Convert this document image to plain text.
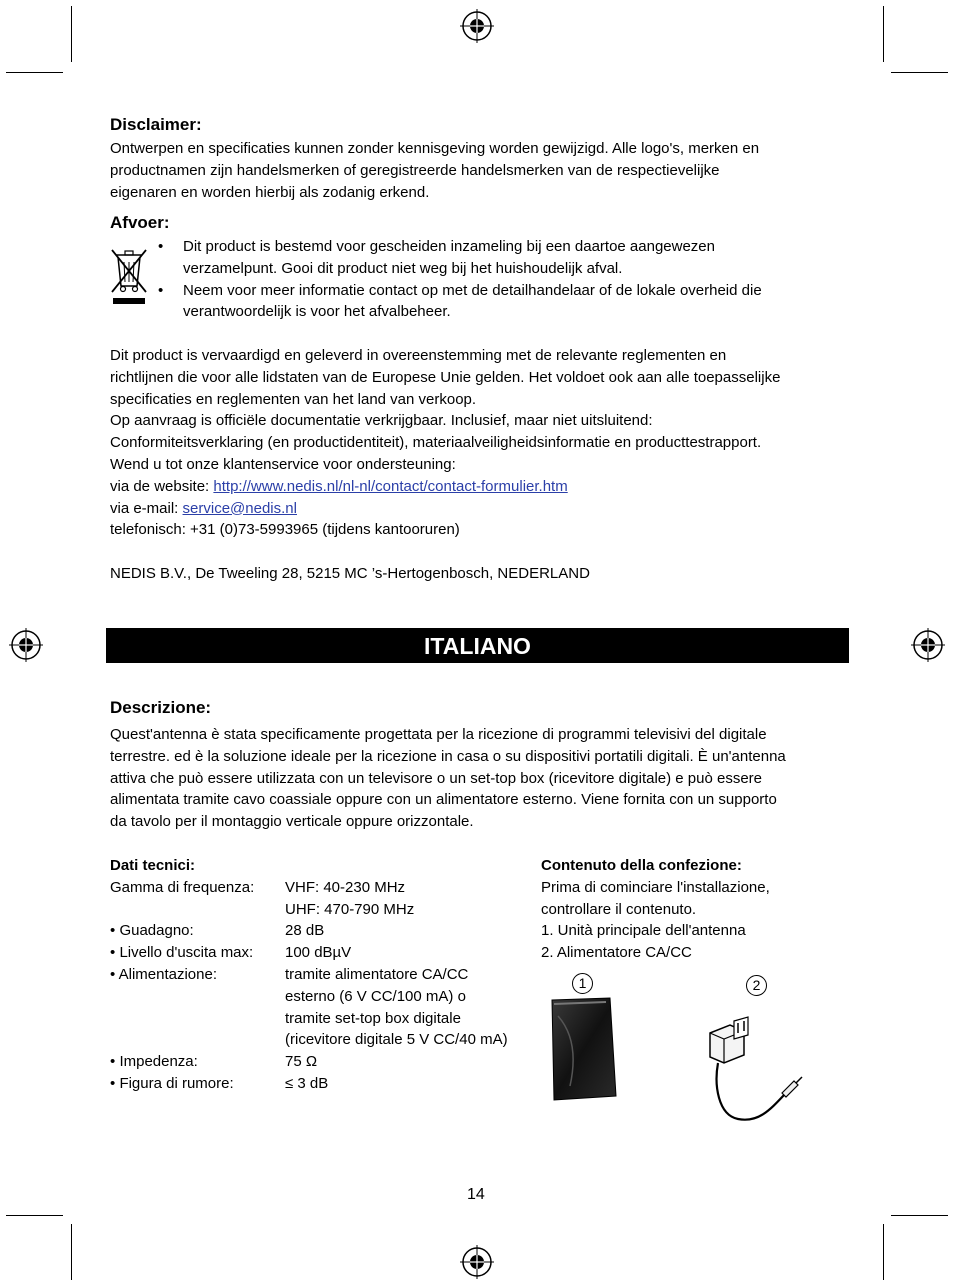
Disclaimer:
Ontwerpen en specificaties kunnen zonder kennisgeving worden gewijzigd. Alle logo's, merken en
productnamen zijn handelsmerken of geregistreerde handelsmerken van de respectievelijke
eigenaren en worden hierbij als zodanig erkend.
Afvoer:
• Dit product is bestemd voor gescheiden inzameling bij een daartoe aangewezen
verzamelpunt. Gooi dit product niet weg bij het huishoudelijk afval.
• Neem voor meer informatie contact op met de detailhandelaar of de lokale overheid die
verantwoordelijk is voor het afvalbeheer.
Dit product is vervaardigd en geleverd in overeenstemming met de relevante reglementen en
richtlijnen die voor alle lidstaten van de Europese Unie gelden. Het voldoet ook aan alle toepasselijke
specificaties en reglementen van het land van verkoop.
Op aanvraag is officiële documentatie verkrijgbaar. Inclusief, maar niet uitsluitend:
Conformiteitsverklaring (en productidentiteit), materiaalveiligheidsinformatie en producttestrapport.
Wend u tot onze klantenservice voor ondersteuning:
via de website: http://www.nedis.nl/nl-nl/contact/contact-formulier.htm
via e-mail: service@nedis.nl
telefonisch: +31 (0)73-5993965 (tijdens kantooruren)
NEDIS B.V., De Tweeling 28, 5215 MC ’s-Hertogenbosch, NEDERLAND
ITALIANO
Descrizione:
Quest'antenna è stata specificamente progettata per la ricezione di programmi televisivi del digitale
terrestre. ed è la soluzione ideale per la ricezione in casa o su dispositivi portatili digitali. È un'antenna
attiva che può essere utilizzata con un televisore o un set-top box (ricevitore digitale) e può essere
alimentata tramite cavo coassiale oppure con un alimentatore esterno. Viene fornita con un supporto
da tavolo per il montaggio verticale oppure orizzontale.
Dati tecnici:
Gamma di frequenza: VHF: 40-230 MHz
UHF: 470-790 MHz
• Guadagno:	28 dB
• Livello d'uscita max: 100 dBµV
• Alimentazione:	tramite alimentatore CA/CC
esterno (6 V CC/100 mA) o
tramite set-top box digitale
(ricevitore digitale 5 V CC/40 mA)
• Impedenza:	75 Ω
• Figura di rumore:	≤ 3 dB
Contenuto della confezione:
Prima di cominciare l'installazione,
controllare il contenuto.
1. Unità principale dell'antenna
2. Alimentatore CA/CC
1	2
14
